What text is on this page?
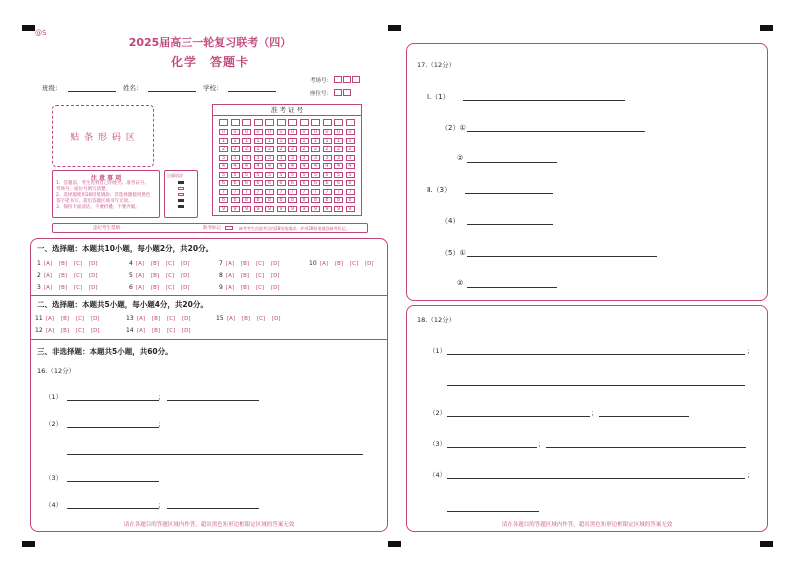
@S
2025届高三一轮复习联考（四）
化学　答题卡
班级：	姓名：	学校：
考场号：
座位号：
贴 条 形 码 区
注 意 事 项
1．答题前，考生先将自己的姓名、准考证号、
考场号、座位号填写清楚。
2．选择题使用2B铅笔填涂；非选择题使用黑色
签字笔书写，超出答题区域书写无效。
3．保持卡面清洁，不要折叠、不要弄破。
正确填涂
准 考 证 号
0
1
2
3
4
5
6
7
8
9
0
1
2
3
4
5
6
7
8
9
0
1
2
3
4
5
6
7
8
9
0
1
2
3
4
5
6
7
8
9
0
1
2
3
4
5
6
7
8
9
0
1
2
3
4
5
6
7
8
9
0
1
2
3
4
5
6
7
8
9
0
1
2
3
4
5
6
7
8
9
0
1
2
3
4
5
6
7
8
9
0
1
2
3
4
5
6
7
8
9
0
1
2
3
4
5
6
7
8
9
0
1
2
3
4
5
6
7
8
9
违纪考生禁填	缺考标记	缺考考生由监考员用2B铅笔填涂，并用2B铅笔填涂缺考标记。
一、选择题：本题共10小题，每小题2分，共20分。
1 [A] [B] [C] [D]
2 [A] [B] [C] [D]
3 [A] [B] [C] [D]
4 [A] [B] [C] [D]
5 [A] [B] [C] [D]
6 [A] [B] [C] [D]
7 [A] [B] [C] [D]
8 [A] [B] [C] [D]
9 [A] [B] [C] [D]
10 [A] [B] [C] [D]
二、选择题：本题共5小题，每小题4分，共20分。
11 [A] [B] [C] [D]
12 [A] [B] [C] [D]
13 [A] [B] [C] [D]
14 [A] [B] [C] [D]
15 [A] [B] [C] [D]
三、非选择题：本题共5小题，共60分。
16.（12分）
（1）	；
（2）	；
（3）
（4）	；
请在各题目的答题区域内作答，超出黑色矩形边框限定区域的答案无效
17.（12分）
Ⅰ.（1）
（2）①
②
Ⅱ.（3）
（4）
（5）①
②
18.（12分）
（1）	；
（2）	；
（3）	；
（4）	；
请在各题目的答题区域内作答，超出黑色矩形边框限定区域的答案无效
